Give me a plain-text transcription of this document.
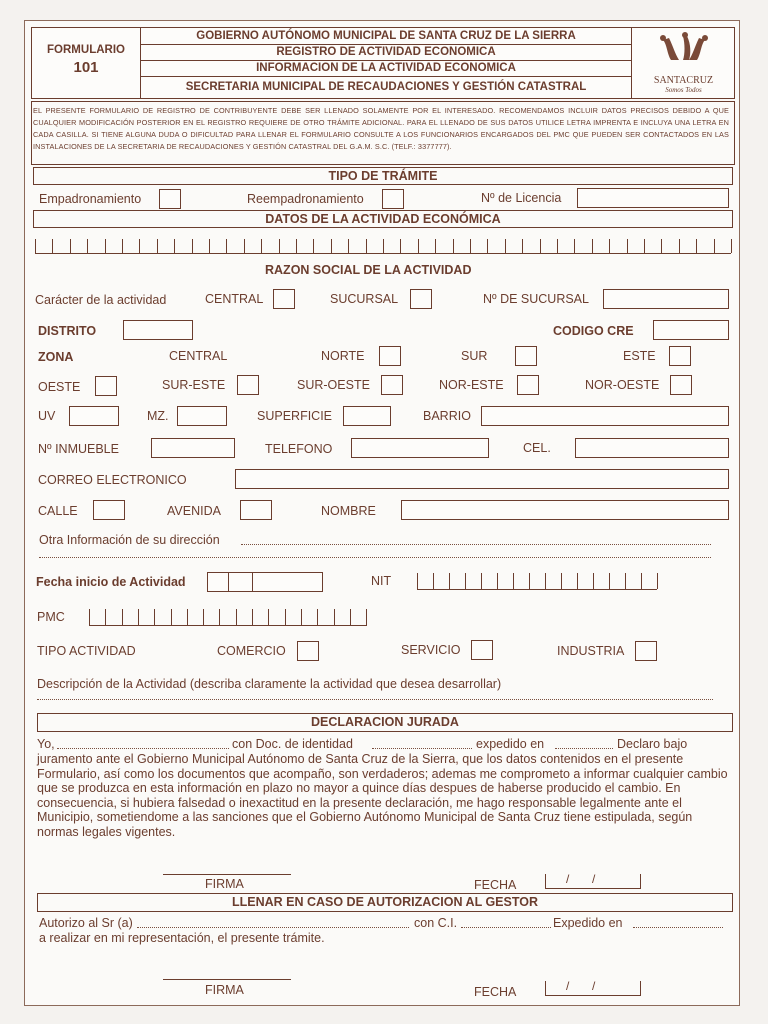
FORMULARIO
101
GOBIERNO AUTÓNOMO MUNICIPAL DE SANTA CRUZ DE LA SIERRA
REGISTRO DE ACTIVIDAD ECONOMICA
INFORMACION DE LA ACTIVIDAD ECONOMICA
SECRETARIA MUNICIPAL DE RECAUDACIONES Y GESTIÓN CATASTRAL
SANTACRUZ
Somos Todos
EL PRESENTE FORMULARIO DE REGISTRO DE CONTRIBUYENTE DEBE SER LLENADO SOLAMENTE POR EL INTERESADO. RECOMENDAMOS INCLUIR DATOS PRECISOS DEBIDO A QUE CUALQUIER MODIFICACIÓN POSTERIOR EN EL REGISTRO REQUIERE DE OTRO TRÁMITE ADICIONAL. PARA EL LLENADO DE SUS DATOS UTILICE LETRA IMPRENTA E INCLUYA UNA LETRA EN CADA CASILLA. SI TIENE ALGUNA DUDA O DIFICULTAD PARA LLENAR EL FORMULARIO CONSULTE A LOS FUNCIONARIOS ENCARGADOS DEL PMC QUE PUEDEN SER CONTACTADOS EN LAS INSTALACIONES DE LA SECRETARIA DE RECAUDACIONES Y GESTIÓN CATASTRAL DEL G.A.M. S.C. (TELF.: 3377777).
TIPO DE TRÁMITE
Empadronamiento	Reempadronamiento	Nº de Licencia
DATOS DE LA ACTIVIDAD ECONÓMICA
RAZON SOCIAL DE LA ACTIVIDAD
Carácter de la actividad	CENTRAL	SUCURSAL	Nº DE SUCURSAL
DISTRITO	CODIGO CRE
ZONA	CENTRAL	NORTE	SUR	ESTE
OESTE	SUR-ESTE	SUR-OESTE	NOR-ESTE	NOR-OESTE
UV	MZ.	SUPERFICIE	BARRIO
Nº INMUEBLE	TELEFONO	CEL.
CORREO ELECTRONICO
CALLE	AVENIDA	NOMBRE
Otra Información de su dirección
Fecha inicio de Actividad	NIT
PMC
TIPO ACTIVIDAD	COMERCIO	SERVICIO	INDUSTRIA
Descripción de la Actividad (describa claramente la actividad que desea desarrollar)
DECLARACION JURADA
Yo,	con Doc. de identidad	expedido en	Declaro bajo
juramento ante el Gobierno Municipal Autónomo de Santa Cruz de la Sierra, que los datos contenidos en el presente Formulario, así como los documentos que acompaño, son verdaderos; ademas me comprometo a informar cualquier cambio que se produzca en esta información en plazo no mayor a quince días despues de haberse producido el cambio. En consecuencia, si hubiera falsedad o inexactitud en la presente declaración, me hago responsable legalmente ante el Municipio, sometiendome a las sanciones que el Gobierno Autónomo Municipal de Santa Cruz tiene estipulada, según normas legales vigentes.
FIRMA	FECHA	/ /
LLENAR EN CASO DE AUTORIZACION AL GESTOR
Autorizo al Sr (a)	con C.I.	Expedido en
a realizar en mi representación, el presente trámite.
FIRMA	FECHA	/ /
